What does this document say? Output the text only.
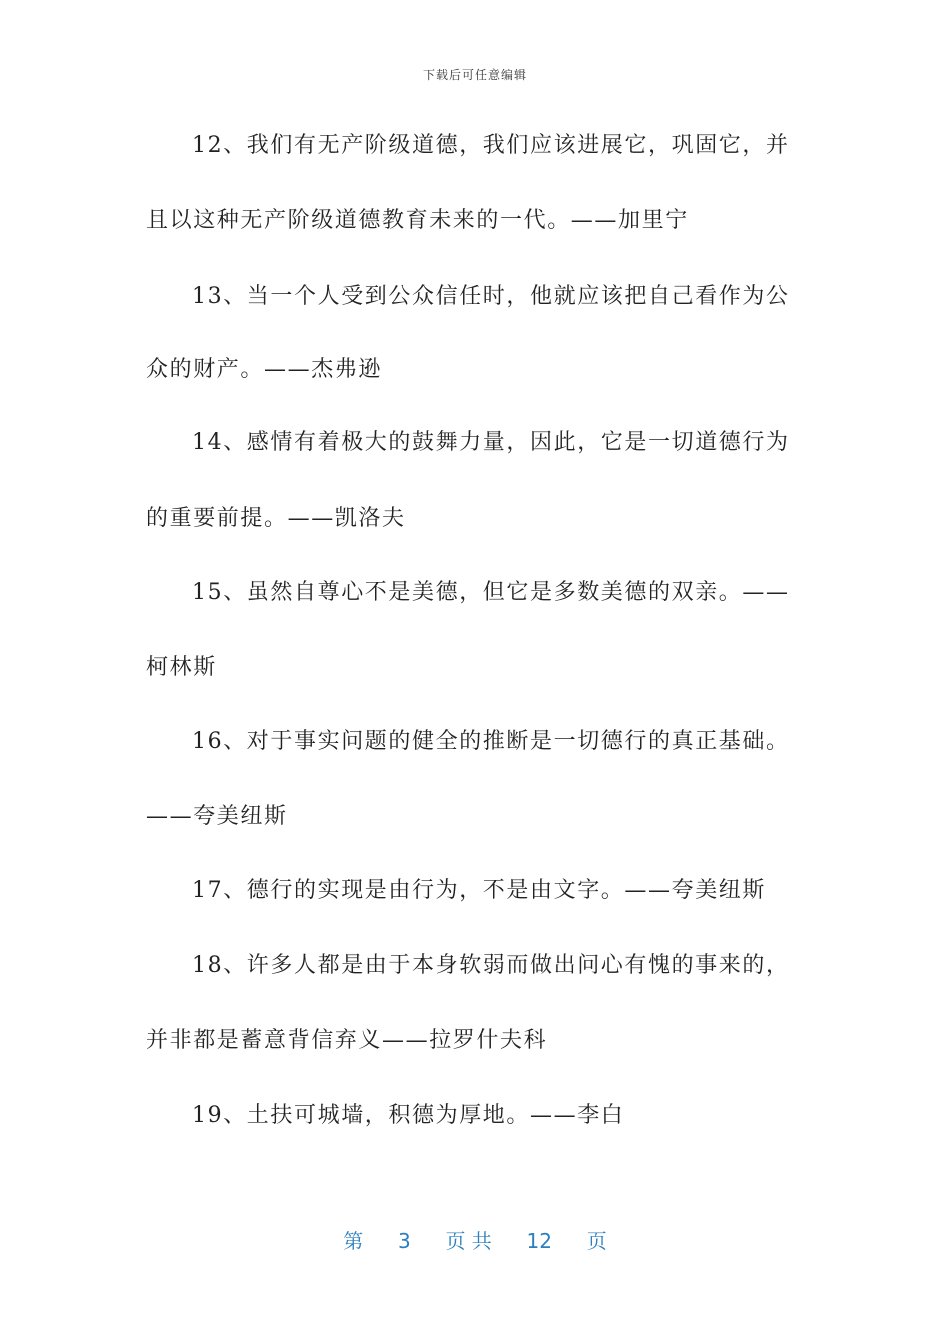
下载后可任意编辑
12、我们有无产阶级道德，我们应该进展它，巩固它，并
且以这种无产阶级道德教育未来的一代。——加里宁
13、当一个人受到公众信任时，他就应该把自己看作为公
众的财产。——杰弗逊
14、感情有着极大的鼓舞力量，因此，它是一切道德行为
的重要前提。——凯洛夫
15、虽然自尊心不是美德，但它是多数美德的双亲。——
柯林斯
16、对于事实问题的健全的推断是一切德行的真正基础。
——夸美纽斯
17、德行的实现是由行为，不是由文字。——夸美纽斯
18、许多人都是由于本身软弱而做出问心有愧的事来的，
并非都是蓄意背信弃义——拉罗什夫科
19、土扶可城墙，积德为厚地。——李白
第 3 页 共 12 页
